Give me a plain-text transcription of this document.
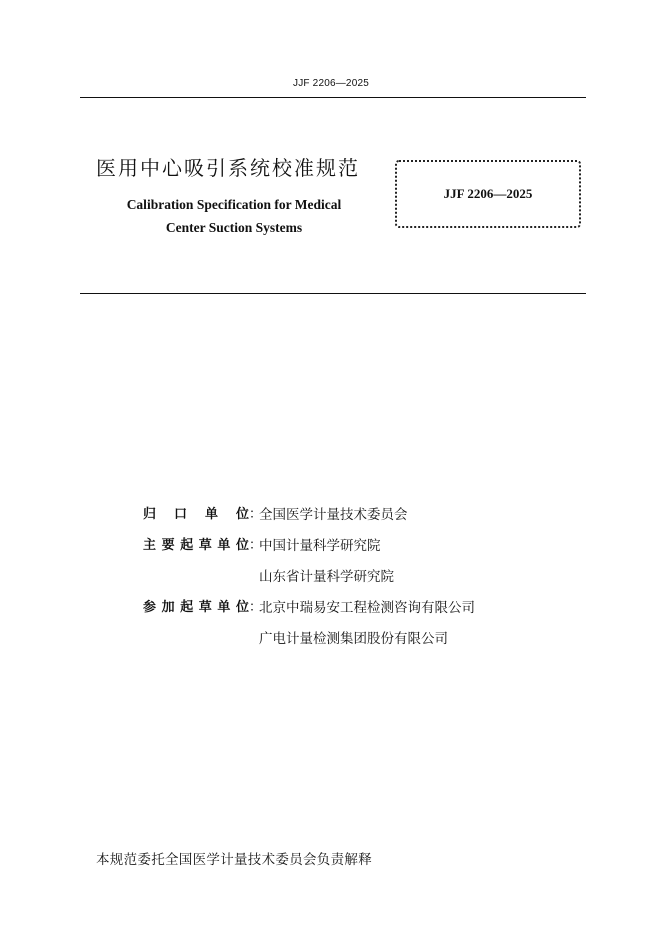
JJF 2206—2025
医用中心吸引系统校准规范
Calibration Specification for Medical
Center Suction Systems
JJF 2206—2025
归 口 单 位 ：
全国医学计量技术委员会
主要起草单位 ：
中国计量科学研究院
山东省计量科学研究院
参加起草单位 ：
北京中瑞易安工程检测咨询有限公司
广电计量检测集团股份有限公司
本规范委托全国医学计量技术委员会负责解释
